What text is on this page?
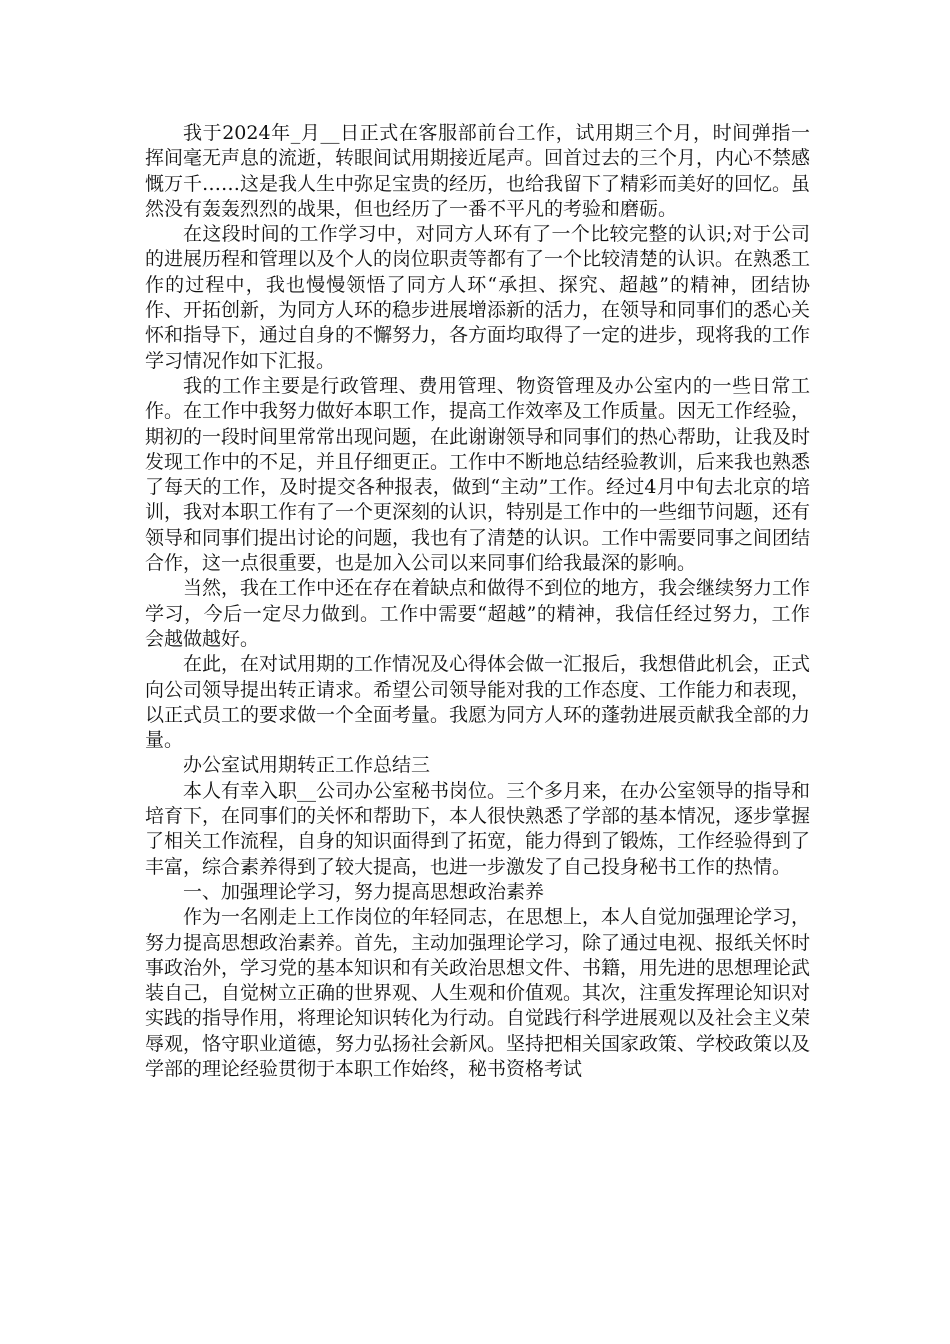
我于2024年_月__日正式在客服部前台工作，试用期三个月，时间弹指一挥间毫无声息的流逝，转眼间试用期接近尾声。回首过去的三个月，内心不禁感慨万千……这是我人生中弥足宝贵的经历，也给我留下了精彩而美好的回忆。虽然没有轰轰烈烈的战果，但也经历了一番不平凡的考验和磨砺。

在这段时间的工作学习中，对同方人环有了一个比较完整的认识;对于公司的进展历程和管理以及个人的岗位职责等都有了一个比较清楚的认识。在熟悉工作的过程中，我也慢慢领悟了同方人环“承担、探究、超越”的精神，团结协作、开拓创新，为同方人环的稳步进展增添新的活力，在领导和同事们的悉心关怀和指导下，通过自身的不懈努力，各方面均取得了一定的进步，现将我的工作学习情况作如下汇报。

我的工作主要是行政管理、费用管理、物资管理及办公室内的一些日常工作。在工作中我努力做好本职工作，提高工作效率及工作质量。因无工作经验，期初的一段时间里常常出现问题，在此谢谢领导和同事们的热心帮助，让我及时发现工作中的不足，并且仔细更正。工作中不断地总结经验教训，后来我也熟悉了每天的工作，及时提交各种报表，做到“主动”工作。经过4月中旬去北京的培训，我对本职工作有了一个更深刻的认识，特别是工作中的一些细节问题，还有领导和同事们提出讨论的问题，我也有了清楚的认识。工作中需要同事之间团结合作，这一点很重要，也是加入公司以来同事们给我最深的影响。

当然，我在工作中还在存在着缺点和做得不到位的地方，我会继续努力工作学习，今后一定尽力做到。工作中需要“超越”的精神，我信任经过努力，工作会越做越好。

在此，在对试用期的工作情况及心得体会做一汇报后，我想借此机会，正式向公司领导提出转正请求。希望公司领导能对我的工作态度、工作能力和表现，以正式员工的要求做一个全面考量。我愿为同方人环的蓬勃进展贡献我全部的力量。

办公室试用期转正工作总结三

本人有幸入职__公司办公室秘书岗位。三个多月来，在办公室领导的指导和培育下，在同事们的关怀和帮助下，本人很快熟悉了学部的基本情况，逐步掌握了相关工作流程，自身的知识面得到了拓宽，能力得到了锻炼，工作经验得到了丰富，综合素养得到了较大提高，也进一步激发了自己投身秘书工作的热情。

一、加强理论学习，努力提高思想政治素养

作为一名刚走上工作岗位的年轻同志，在思想上，本人自觉加强理论学习，努力提高思想政治素养。首先，主动加强理论学习，除了通过电视、报纸关怀时事政治外，学习党的基本知识和有关政治思想文件、书籍，用先进的思想理论武装自己，自觉树立正确的世界观、人生观和价值观。其次，注重发挥理论知识对实践的指导作用，将理论知识转化为行动。自觉践行科学进展观以及社会主义荣辱观，恪守职业道德，努力弘扬社会新风。坚持把相关国家政策、学校政策以及学部的理论经验贯彻于本职工作始终，秘书资格考试
